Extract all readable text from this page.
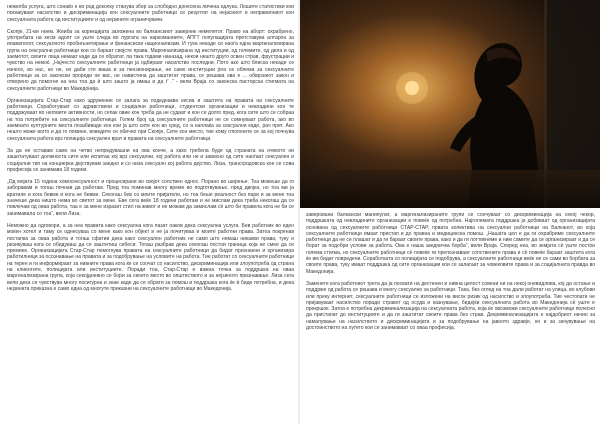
нежелба услуга, што сонаќо е во род доколку станува збор за слободно донесена личена одлука. Лошите статистики кои покажуваат насилство и дискриминација кон сексуалните работници се резултат на нејасниот и неправилниот кон сексуалната работа од институциите и од нејзините ограничувачи.

Скопје, 21-ви ноем. Жеиба за корекцијата заложена во балканскиот заверник немепетот. Право на аборт: охрабрено, употребата на хесм адолт се уште следа во пургата на наркоманиите, АПГТ популацијата претставува алтарон за ипавателот, сексуалното пробиљнетирање и финансиски национализам. И тука некаде се наоѓа една маргинализирана група на сексуални работници кои со бараат својсте права. Маргинализирана од институции, од големите, од дела и од заемотот, своите лица немаат каде да се обратат, па така годами наназад, некои нешто друго освен страв, фрустрации и чувство на немоќ. „Најчесто сексуалните работници ја одбираат насилство последни. Пото ако што блиска некаде се изнесе, во нас, но не, но даби сте ваша и за пензионирање, не само институции јога се облема за сексуалните работници за се законски прореди не вас, не навистина да заштитат права, се решава ова е ... обврзниот закон и отворено да помогне на неа тоа да ѝ што зашто ја имаш и да ѓ' .“ - вели Враја со законска пасторска стигмата на сексуалните работници во Македонија.

Организацијата Стар-Стар како здружение се залага за подеднаква кесиа и заштита на правата на сексуалните работници. Соработуваат со здравствени и социјални работници, студентски организации и невладини кон те поддржуваат во неговите активности, но сепак овие кон треба да не судаат и кон се долго пред, кога сите што се собраа на тоа потребите на сексуалните работници. Голем број од сексуалните работници не се сомнуваат работа, ако во заемнато културните места позабиваде кон кои ја што сите кон во сред, со а наплаќа за сексуални каде, рач прет. Ако нешто може вогѓо и да го помине, воведите се обично при Скопје, Сите кон место, тие кому отклоните се за кој почнува сексуалната работа врз полиција сексуален врат и правата на сексуалните работници.

За да не оставам само на четво непредувашни на ова конче, а како требела буде од страната на очекото ни зашитатуваат должноста сите или испитаа кој врз сексуални, кој работа или не и зависно од сите наоѓаат сексуален и социјални тип на конциерка дејствувам заедно и со низа сексуалн кој работа дејство. Лиза, трансгродовска кое се сова професија се занимава 18 години.

„Од мојата 15 година хомосексуалност и процесирани во својот сопствен однос. Порано во ширење. Тоа можеше да го заборавам и тогаш почнав да работам. Пред тоа поминав многу време во подготвување, пред двојка, но тоа ми ја вратиле и кога бевме и кога не бевме. Секогаш бев со моите пријатели, но тоа беше реалност без пари и за мене тоа значеше дека ништо нема во светот за мене. Еве сега веќе 18 години работам и не мислам дека треба некогаш да се повлечам од оваа работа, таа е за мене изразит стил на живот и не можам да замислам сè што би правела кога не би се занимавала со тоа“, вели Лиза.

Неможно да одговори, а за неа правата како сексуална кога пазат оаков дека сексуална услуга. Бев работник во еден моќен хотел и таму се однесуваа со мене како кон објект и не ја почитуваа и моите работни права. Затоа покренав постапка за оваа работа и тогаш сфатив дека како сексуален работник не само што немаш никакви права, туку и ризикуваш кога се обидуваш да се заштитиш себеси. Тогаш разбрав дека секогаш постои граница која не смее да се премине. Организацијата Стар-Стар помогнува правата на сексуалните работници да бидат признаени и организира работилници за осознавање на правата и за подобрување на условите на работа. Тие работат со сексуалните работници на терен и ги информираат за нивните права кога ќе се соочат со насилство, дискриминација или злоупотреба од страна на клиентите, полицијата или институциите. Поради тоа, Стар-Стар е важна точка за поддршка на оваа маргинализирана група, која секојдневно се бори за своето место во општеството и за нејзиното признавање. Лиза сега вели дека се чувствува многу посигурна и знае каде да се обрати за помош и поддршка кога ќе ѝ биде потребна, и дека нејзината приказна е само една од многуте приказни на сексуалните работници во Македонија.

заверовани балкански манипулат, а маргинализираните групи се соочуваат со дискриминација на секој чекор, поддршката од невладините организации е повеќе од потребна. Најголемата поддршка ја добиваат од организацијата основана од сексуалните работници СТАР-СТАР, првата колектива на сексуални работници на Балканот, во која сексуалните работници имаат пристап и до правна и медицинска помош. „Нашата цел е да ги охрабриме сексуалните работници да не се плашат и да ги бараат своите права, како и да ги поттикнеме и ним самите да се организираат и да се борат за подобри услови за работа. Ова е наша заедничка борба“, вели Враја. Според неа, во земјата сѐ уште постои голема стигма, но сексуалните работници сѐ повеќе ги препознаваат сопствените права и сѐ повеќе бараат заштита кога ќе им бидат повредени. Соработката со полицијата се подобрува, а сексуалните работници веќе не се сами во борбата за своите права, туку имаат поддршка од сите организации кои се залагаат за човековите права и за социјалната правда во Македонија.

Заменете кога работниот трета да ја посвати на дестенен и нивна целост совени ни на некој оневидлива, кој да остање и поддрже од работа се решава и многу сексуално за работници. Така, без оглед на тоа дали работат на улица, во клубови или преку интернет, сексуалните работници се изложени на висок ризик од насилство и злоупотреба. Тие честопати не пријавуваат насилство поради стравот од осуда и казнување, бидејќи сексуалната работа во Македонија сѐ уште е прекршок. Затоа е потребна декриминализација на сексуалната работа, која ќе овозможи сексуалните работници полесно да пристапат до институциите и да ги заштитат своите права без страв. Декриминализацијата е најдобриот начин за намалување на насилството и дискриминацијата и за подобрување на јавното здравје, но и за зачувување на достоинството на луѓето кои се занимаваат со оваа професија.
